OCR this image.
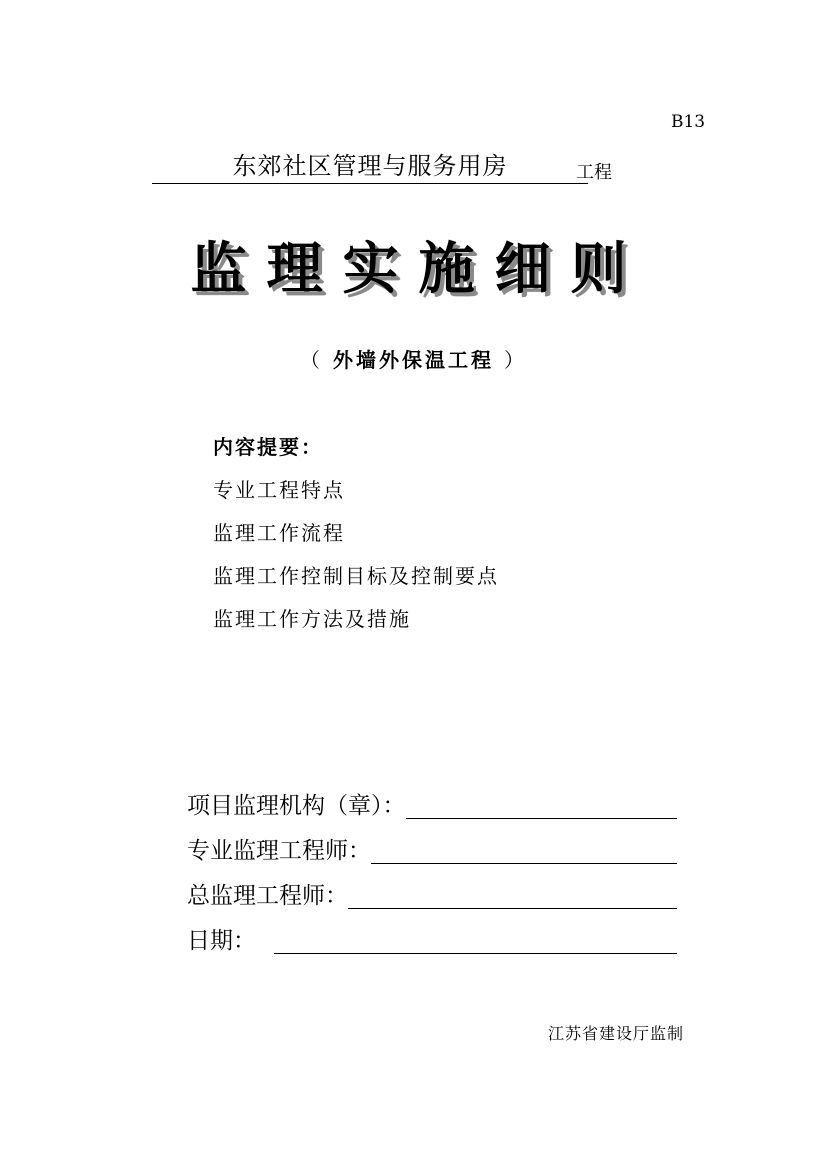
B13
东郊社区管理与服务用房	工程
监理实施细则
（ 外墙外保温工程 ）
内容提要：
专业工程特点
监理工作流程
监理工作控制目标及控制要点
监理工作方法及措施
项目监理机构（章）：
专业监理工程师：
总监理工程师：
日期：
江苏省建设厅监制
